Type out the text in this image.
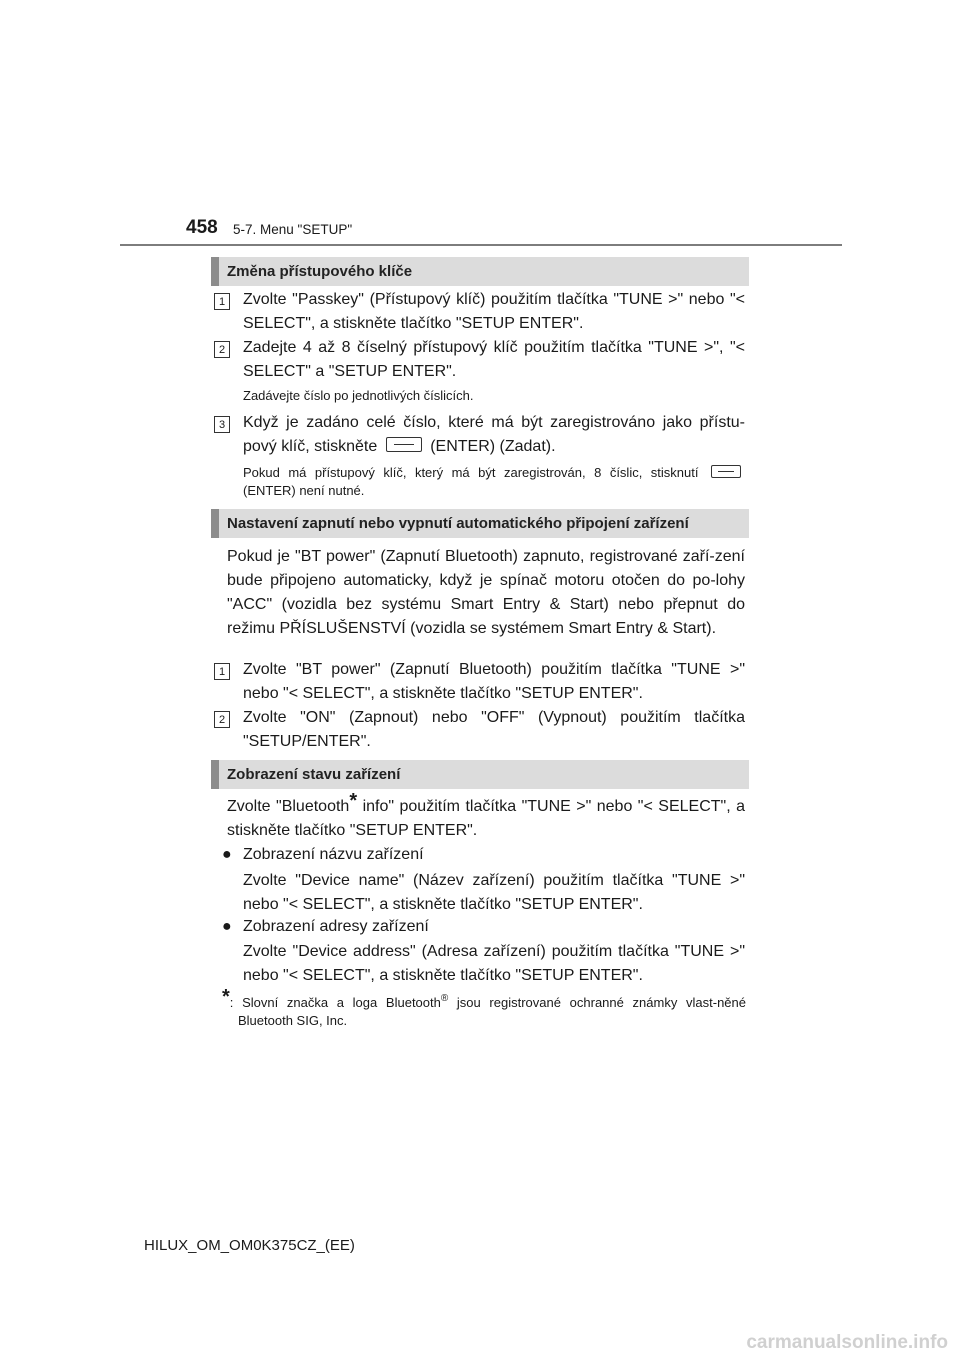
458 5-7. Menu "SETUP"
Změna přístupového klíče
1	Zvolte "Passkey" (Přístupový klíč) použitím tlačítka "TUNE >" nebo "< SELECT", a stiskněte tlačítko "SETUP ENTER".

2	Zadejte 4 až 8 číselný přístupový klíč použitím tlačítka "TUNE >", "< SELECT" a "SETUP ENTER".

Zadávejte číslo po jednotlivých číslicích.

3	Když je zadáno celé číslo, které má být zaregistrováno jako přístu-pový klíč, stiskněte	(ENTER) (Zadat).

Pokud má přístupový klíč, který má být zaregistrován, 8 číslic, stisknutí  (ENTER) není nutné.

Nastavení zapnutí nebo vypnutí automatického připojení zařízení

Pokud je "BT power" (Zapnutí Bluetooth) zapnuto, registrované zaří-zení bude připojeno automaticky, když je spínač motoru otočen do po-lohy "ACC" (vozidla bez systému Smart Entry & Start) nebo přepnut do režimu PŘÍSLUŠENSTVÍ (vozidla se systémem Smart Entry & Start).

1	Zvolte "BT power" (Zapnutí Bluetooth) použitím tlačítka "TUNE >" nebo "< SELECT", a stiskněte tlačítko "SETUP ENTER".

2	Zvolte "ON" (Zapnout) nebo "OFF" (Vypnout) použitím tlačítka "SETUP/ENTER".

Zobrazení stavu zařízení

Zvolte "Bluetooth* info" použitím tlačítka "TUNE >" nebo "< SELECT", a stiskněte tlačítko "SETUP ENTER".

● Zobrazení názvu zařízení

Zvolte "Device name" (Název zařízení) použitím tlačítka "TUNE >" nebo "< SELECT", a stiskněte tlačítko "SETUP ENTER".

● Zobrazení adresy zařízení

Zvolte "Device address" (Adresa zařízení) použitím tlačítka "TUNE >" nebo "< SELECT", a stiskněte tlačítko "SETUP ENTER".

*: Slovní značka a loga Bluetooth® jsou registrované ochranné známky vlast-něné Bluetooth SIG, Inc.

HILUX_OM_OM0K375CZ_(EE)
carmanualsonline.info
